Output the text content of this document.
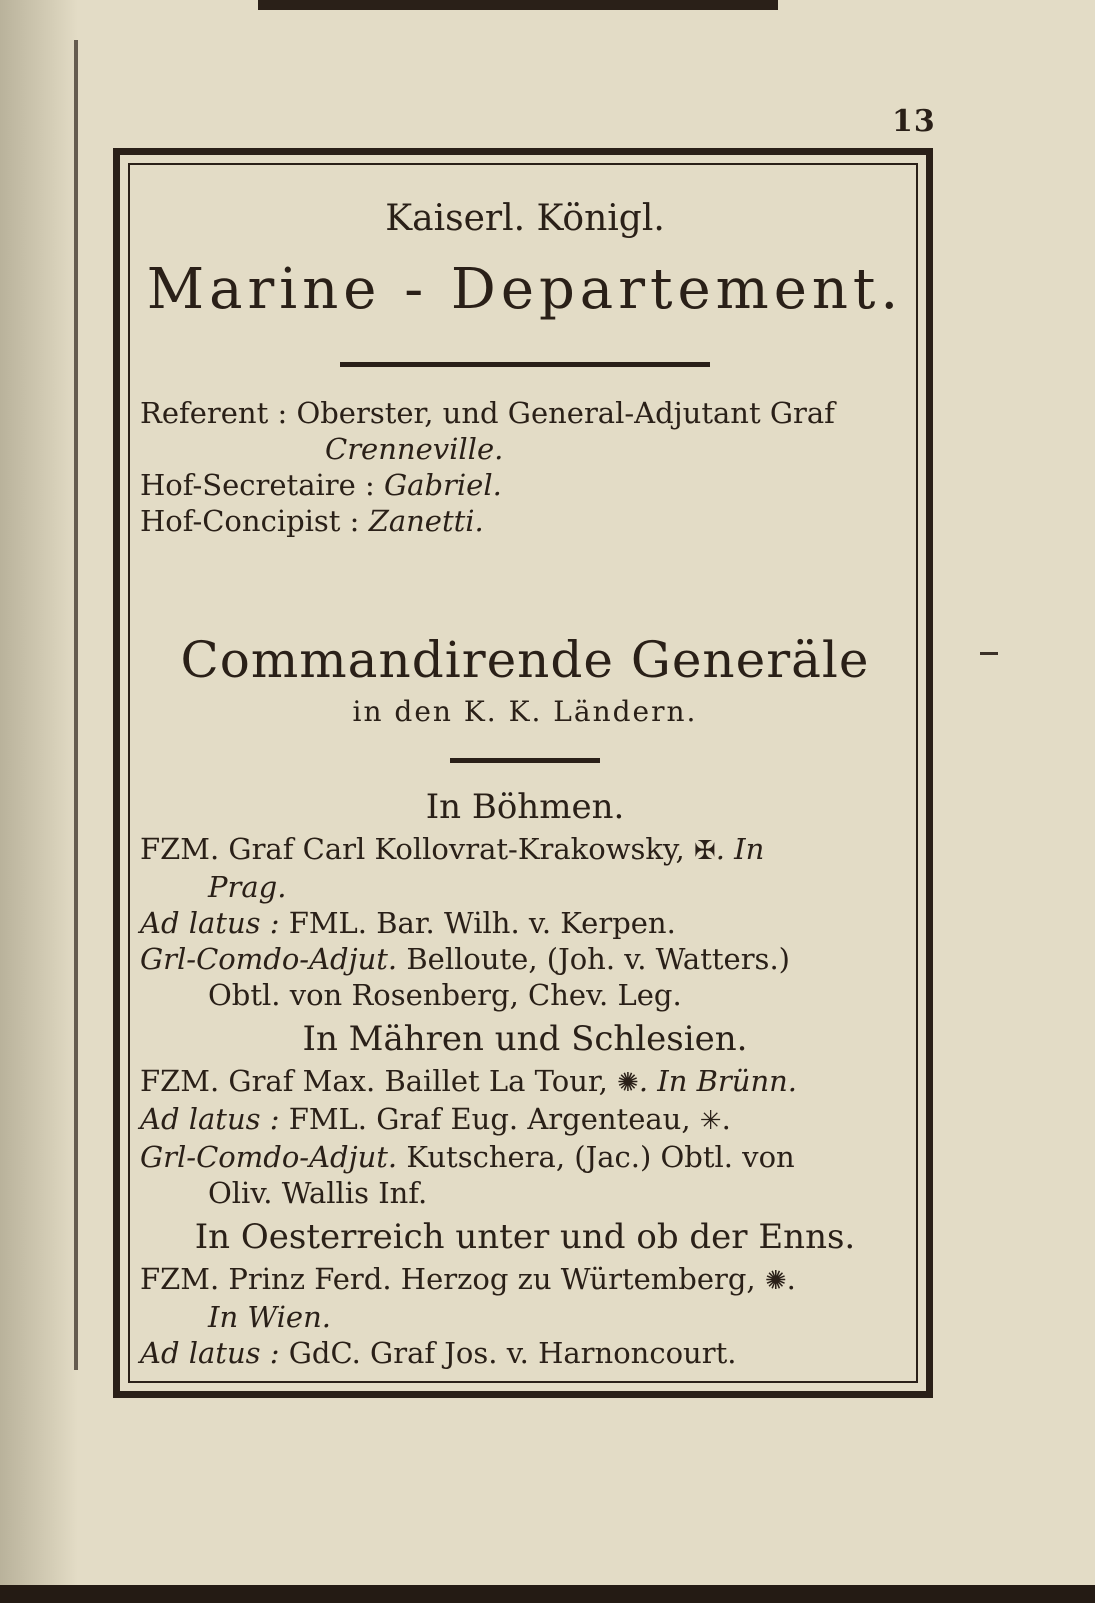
13
Kaiserl. Königl.
Marine - Departement.
Referent : Oberster, und General-Adjutant Graf
Crenneville.
Hof-Secretaire : Gabriel.
Hof-Concipist : Zanetti.
Commandirende Generäle
in den K. K. Ländern.
In Böhmen.
FZM. Graf Carl Kollovrat-Krakowsky, ✠. In
Prag.
Ad latus : FML. Bar. Wilh. v. Kerpen.
Grl-Comdo-Adjut. Belloute, (Joh. v. Watters.)
Obtl. von Rosenberg, Chev. Leg.
In Mähren und Schlesien.
FZM. Graf Max. Baillet La Tour, ✺. In Brünn.
Ad latus : FML. Graf Eug. Argenteau, ✳.
Grl-Comdo-Adjut. Kutschera, (Jac.) Obtl. von
Oliv. Wallis Inf.
In Oesterreich unter und ob der Enns.
FZM. Prinz Ferd. Herzog zu Würtemberg, ✺.
In Wien.
Ad latus : GdC. Graf Jos. v. Harnoncourt.
